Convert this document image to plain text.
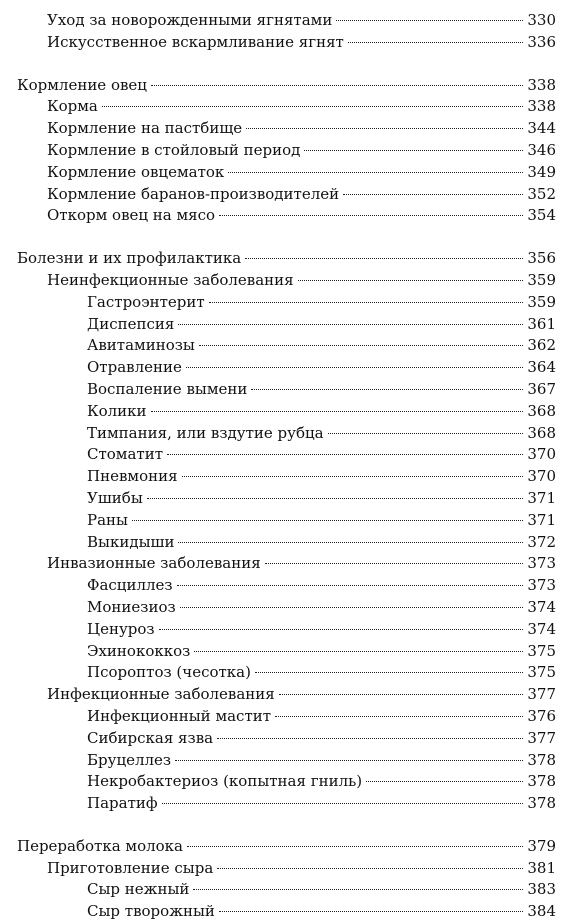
Уход за новорожденными ягнятами	330
Искусственное вскармливание ягнят	336
Кормление овец	338
Корма	338
Кормление на пастбище	344
Кормление в стойловый период	346
Кормление овцематок	349
Кормление баранов-производителей	352
Откорм овец на мясо	354
Болезни и их профилактика	356
Неинфекционные заболевания	359
Гастроэнтерит	359
Диспепсия	361
Авитаминозы	362
Отравление	364
Воспаление вымени	367
Колики	368
Тимпания, или вздутие рубца	368
Стоматит	370
Пневмония	370
Ушибы	371
Раны	371
Выкидыши	372
Инвазионные заболевания	373
Фасциллез	373
Мониезиоз	374
Ценуроз	374
Эхинококкоз	375
Псороптоз (чесотка)	375
Инфекционные заболевания	377
Инфекционный мастит	376
Сибирская язва	377
Бруцеллез	378
Некробактериоз (копытная гниль)	378
Паратиф	378
Переработка молока	379
Приготовление сыра	381
Сыр нежный	383
Сыр творожный	384
